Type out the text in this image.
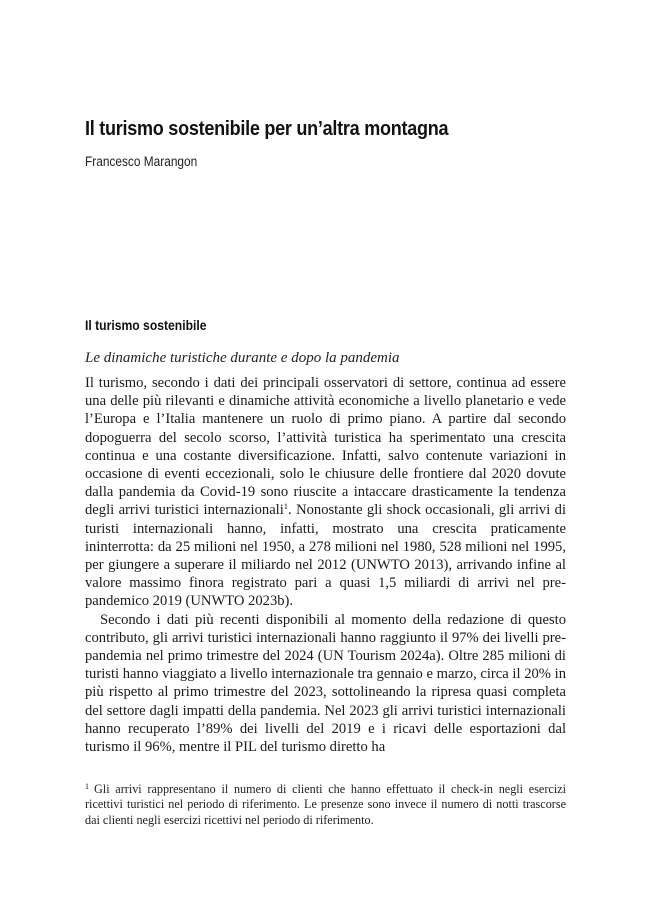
Il turismo sostenibile per un’altra montagna
Francesco Marangon
Il turismo sostenibile
Le dinamiche turistiche durante e dopo la pandemia

Il turismo, secondo i dati dei principali osservatori di settore, continua ad essere una delle più rilevanti e dinamiche attività economiche a livello planetario e vede l’Europa e l’Italia mantenere un ruolo di primo piano. A partire dal secondo dopoguerra del secolo scorso, l’attività turistica ha sperimentato una crescita continua e una costante diversificazione. Infatti, salvo contenute variazioni in occasione di eventi eccezionali, solo le chiusure delle frontiere dal 2020 dovute dalla pandemia da Covid-19 sono riuscite a intaccare drasticamente la tendenza degli arrivi turistici internazionali$^1$. Nonostante gli shock occasionali, gli arrivi di turisti internazionali hanno, infatti, mostrato una crescita praticamente ininterrotta: da 25 milioni nel 1950, a 278 milioni nel 1980, 528 milioni nel 1995, per giungere a superare il miliardo nel 2012 (UNWTO 2013), arrivando infine al valore massimo finora registrato pari a quasi 1,5 miliardi di arrivi nel pre-pandemico 2019 (UNWTO 2023b).

Secondo i dati più recenti disponibili al momento della redazione di questo contributo, gli arrivi turistici internazionali hanno raggiunto il 97% dei livelli pre-pandemia nel primo trimestre del 2024 (UN Tourism 2024a). Oltre 285 milioni di turisti hanno viaggiato a livello internazionale tra gennaio e marzo, circa il 20% in più rispetto al primo trimestre del 2023, sottolineando la ripresa quasi completa del settore dagli impatti della pandemia. Nel 2023 gli arrivi turistici internazionali hanno recuperato l’89% dei livelli del 2019 e i ricavi delle esportazioni dal turismo il 96%, mentre il PIL del turismo diretto ha

$^1$ Gli arrivi rappresentano il numero di clienti che hanno effettuato il check-in negli esercizi ricettivi turistici nel periodo di riferimento. Le presenze sono invece il numero di notti trascorse dai clienti negli esercizi ricettivi nel periodo di riferimento.
